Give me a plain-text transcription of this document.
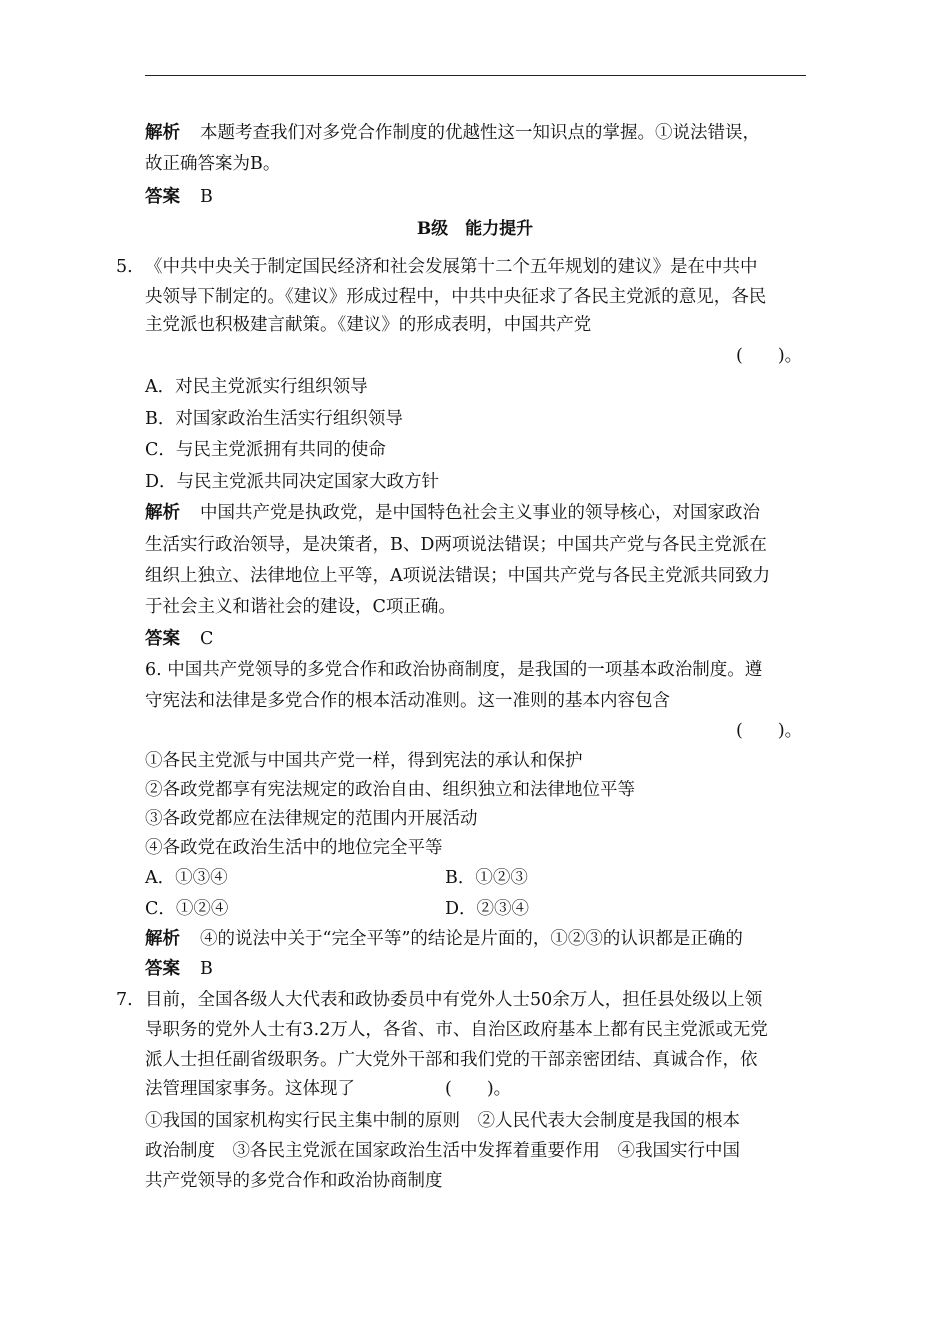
解析 本题考查我们对多党合作制度的优越性这一知识点的掌握。①说法错误，
故正确答案为B。
答案 B
B级　能力提升
5. 《中共中央关于制定国民经济和社会发展第十二个五年规划的建议》是在中共中
央领导下制定的。《建议》形成过程中，中共中央征求了各民主党派的意见，各民
主党派也积极建言献策。《建议》的形成表明，中国共产党
(　　)。
A．对民主党派实行组织领导
B．对国家政治生活实行组织领导
C．与民主党派拥有共同的使命
D．与民主党派共同决定国家大政方针
解析 中国共产党是执政党，是中国特色社会主义事业的领导核心，对国家政治
生活实行政治领导，是决策者，B、D两项说法错误；中国共产党与各民主党派在
组织上独立、法律地位上平等，A项说法错误；中国共产党与各民主党派共同致力
于社会主义和谐社会的建设，C项正确。
答案 C
6. 中国共产党领导的多党合作和政治协商制度，是我国的一项基本政治制度。遵
守宪法和法律是多党合作的根本活动准则。这一准则的基本内容包含
(　　)。
①各民主党派与中国共产党一样，得到宪法的承认和保护
②各政党都享有宪法规定的政治自由、组织独立和法律地位平等
③各政党都应在法律规定的范围内开展活动
④各政党在政治生活中的地位完全平等
A．①③④	B．①②③
C．①②④	D．②③④
解析 ④的说法中关于“完全平等”的结论是片面的，①②③的认识都是正确的
答案 B
7. 目前，全国各级人大代表和政协委员中有党外人士50余万人，担任县处级以上领
导职务的党外人士有3.2万人，各省、市、自治区政府基本上都有民主党派或无党
派人士担任副省级职务。广大党外干部和我们党的干部亲密团结、真诚合作，依
法管理国家事务。这体现了	(　　)。
①我国的国家机构实行民主集中制的原则　②人民代表大会制度是我国的根本
政治制度　③各民主党派在国家政治生活中发挥着重要作用　④我国实行中国
共产党领导的多党合作和政治协商制度
